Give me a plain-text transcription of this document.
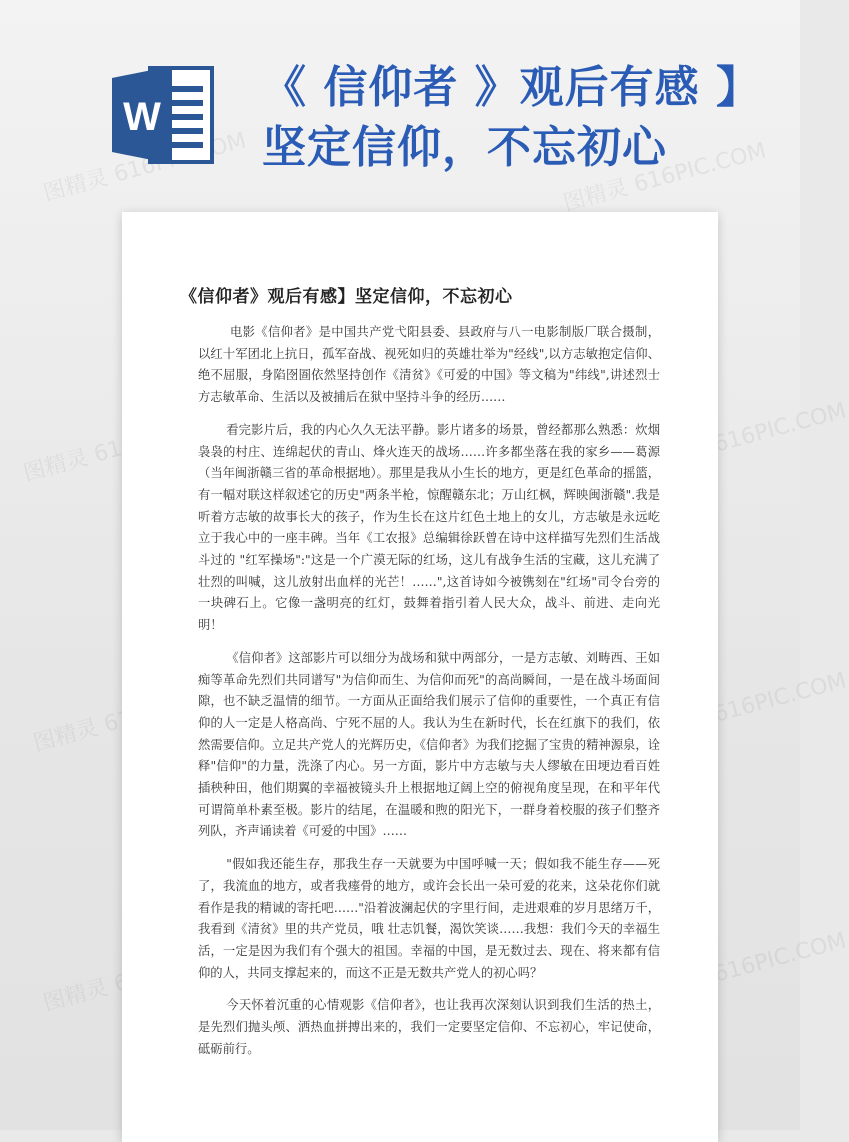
W
《 信仰者 》观后有感 】
坚定信仰，不忘初心
《信仰者》观后有感】坚定信仰，不忘初心

电影《信仰者》是中国共产党弋阳县委、县政府与八一电影制版厂联合摄制，以红十军团北上抗日，孤军奋战、视死如归的英雄壮举为"经线",以方志敏抱定信仰、绝不屈服，身陷囹圄依然坚持创作《清贫》《可爱的中国》等文稿为"纬线",讲述烈士方志敏革命、生活以及被捕后在狱中坚持斗争的经历……

看完影片后，我的内心久久无法平静。影片诸多的场景，曾经都那么熟悉：炊烟袅袅的村庄、连绵起伏的青山、烽火连天的战场……许多都坐落在我的家乡——葛源（当年闽浙赣三省的革命根据地）。那里是我从小生长的地方，更是红色革命的摇篮，有一幅对联这样叙述它的历史"两条半枪，惊醒赣东北；万山红枫，辉映闽浙赣".我是听着方志敏的故事长大的孩子，作为生长在这片红色土地上的女儿，方志敏是永远屹立于我心中的一座丰碑。当年《工农报》总编辑徐跃曾在诗中这样描写先烈们生活战斗过的 "红军操场":"这是一个广漠无际的红场，这儿有战争生活的宝藏，这儿充满了壮烈的叫喊，这儿放射出血样的光芒！……",这首诗如今被镌刻在"红场"司令台旁的一块碑石上。它像一盏明亮的红灯，鼓舞着指引着人民大众，战斗、前进、走向光明！

《信仰者》这部影片可以细分为战场和狱中两部分，一是方志敏、刘畴西、王如痴等革命先烈们共同谱写"为信仰而生、为信仰而死"的高尚瞬间，一是在战斗场面间隙，也不缺乏温情的细节。一方面从正面给我们展示了信仰的重要性，一个真正有信仰的人一定是人格高尚、宁死不屈的人。我认为生在新时代，长在红旗下的我们，依然需要信仰。立足共产党人的光辉历史，《信仰者》为我们挖掘了宝贵的精神源泉，诠释"信仰"的力量，洗涤了内心。另一方面，影片中方志敏与夫人缪敏在田埂边看百姓插秧种田，他们期翼的幸福被镜头升上根据地辽阔上空的俯视角度呈现，在和平年代可谓简单朴素至极。影片的结尾，在温暖和煦的阳光下，一群身着校服的孩子们整齐列队，齐声诵读着《可爱的中国》……

"假如我还能生存，那我生存一天就要为中国呼喊一天；假如我不能生存——死了，我流血的地方，或者我瘗骨的地方，或许会长出一朵可爱的花来，这朵花你们就看作是我的精诚的寄托吧……"沿着波澜起伏的字里行间，走进艰难的岁月思绪万千，我看到《清贫》里的共产党员，哦 壮志饥餐，渴饮笑谈……我想：我们今天的幸福生活，一定是因为我们有个强大的祖国。幸福的中国，是无数过去、现在、将来都有信仰的人，共同支撑起来的，而这不正是无数共产党人的初心吗？

今天怀着沉重的心情观影《信仰者》，也让我再次深刻认识到我们生活的热土，是先烈们抛头颅、洒热血拼搏出来的，我们一定要坚定信仰、不忘初心，牢记使命，砥砺前行。
